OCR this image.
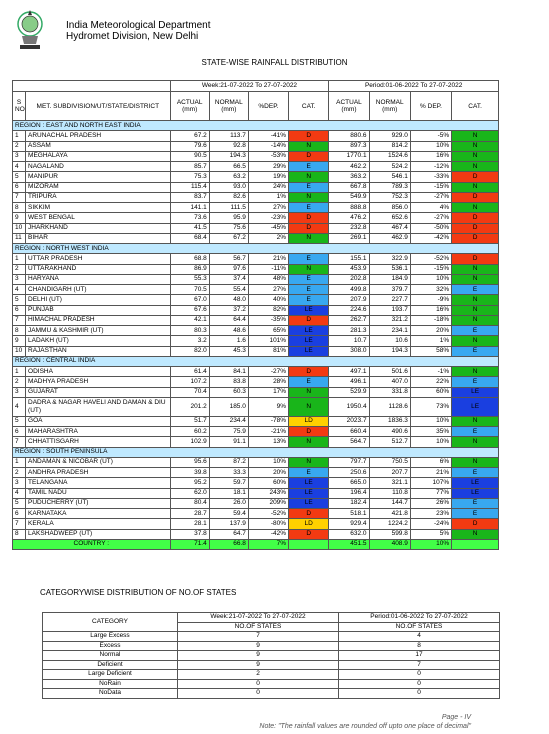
India Meteorological Department
Hydromet Division, New Delhi
STATE-WISE RAINFALL DISTRIBUTION
		Week:21-07-2022 To 27-07-2022				Period:01-06-2022 To 27-07-2022			
S NO	MET. SUBDIVISION/UT/STATE/DISTRICT	ACTUAL (mm)	NORMAL (mm)	%DEP.	CAT.	ACTUAL (mm)	NORMAL (mm)	% DEP.	CAT.
REGION : EAST AND NORTH EAST INDIA									
1	ARUNACHAL PRADESH	67.2	113.7	-41%	D	880.6	929.0	-5%	N
2	ASSAM	79.6	92.8	-14%	N	897.3	814.2	10%	N
3	MEGHALAYA	90.5	194.3	-53%	D	1770.1	1524.6	16%	N
4	NAGALAND	85.7	66.5	29%	E	462.2	524.2	-12%	N
5	MANIPUR	75.3	63.2	19%	N	363.2	546.1	-33%	D
6	MIZORAM	115.4	93.0	24%	E	667.8	789.3	-15%	N
7	TRIPURA	83.7	82.6	1%	N	549.9	752.3	-27%	D
8	SIKKIM	141.1	111.5	27%	E	888.8	856.0	4%	N
9	WEST BENGAL	73.6	95.9	-23%	D	476.2	652.6	-27%	D
10	JHARKHAND	41.5	75.6	-45%	D	232.8	467.4	-50%	D
11	BIHAR	68.4	67.2	2%	N	269.1	462.9	-42%	D
REGION : NORTH WEST INDIA									
1	UTTAR PRADESH	68.8	56.7	21%	E	155.1	322.9	-52%	D
2	UTTARAKHAND	86.9	97.6	-11%	N	453.9	536.1	-15%	N
3	HARYANA	55.3	37.4	48%	E	202.8	184.9	10%	N
4	CHANDIGARH (UT)	70.5	55.4	27%	E	499.8	379.7	32%	E
5	DELHI (UT)	67.0	48.0	40%	E	207.9	227.7	-9%	N
6	PUNJAB	67.6	37.2	82%	LE	224.6	193.7	16%	N
7	HIMACHAL PRADESH	42.1	64.4	-35%	D	262.7	321.2	-18%	N
8	JAMMU & KASHMIR (UT)	80.3	48.6	65%	LE	281.3	234.1	20%	E
9	LADAKH (UT)	3.2	1.6	101%	LE	10.7	10.6	1%	N
10	RAJASTHAN	82.0	45.3	81%	LE	308.0	194.3	58%	E
REGION : CENTRAL INDIA									
1	ODISHA	61.4	84.1	-27%	D	497.1	501.6	-1%	N
2	MADHYA PRADESH	107.2	83.8	28%	E	496.1	407.0	22%	E
3	GUJARAT	70.4	60.3	17%	N	529.9	331.8	60%	LE
4	DADRA & NAGAR HAVELI AND DAMAN & DIU (UT)	201.2	185.0	9%	N	1950.4	1128.6	73%	LE
5	GOA	51.7	234.4	-78%	LD	2023.7	1836.3	10%	N
6	MAHARASHTRA	60.2	75.9	-21%	D	660.4	490.6	35%	E
7	CHHATTISGARH	102.9	91.1	13%	N	564.7	512.7	10%	N
REGION : SOUTH PENINSULA									
1	ANDAMAN & NICOBAR (UT)	95.6	87.2	10%	N	797.7	750.5	6%	N
2	ANDHRA PRADESH	39.8	33.3	20%	E	250.6	207.7	21%	E
3	TELANGANA	95.2	59.7	60%	LE	665.0	321.1	107%	LE
4	TAMIL NADU	62.0	18.1	243%	LE	196.4	110.8	77%	LE
5	PUDUCHERRY (UT)	80.4	26.0	209%	LE	182.4	144.7	26%	E
6	KARNATAKA	28.7	59.4	-52%	D	518.1	421.8	23%	E
7	KERALA	28.1	137.9	-80%	LD	929.4	1224.2	-24%	D
8	LAKSHADWEEP (UT)	37.8	64.7	-42%	D	632.0	599.8	5%	N
COUNTRY :		71.4	66.8	7%		451.5	408.9	10%	
CATEGORYWISE DISTRIBUTION OF NO.OF STATES
CATEGORY	Week:21-07-2022 To 27-07-2022	Period:01-06-2022 To 27-07-2022
	NO.OF STATES	NO.OF STATES
Large Excess	7	4
Excess	9	8
Normal	9	17
Deficient	9	7
Large Deficient	2	0
NoRain	0	0
NoData	0	0
Page - IV
Note: "The rainfall values are rounded off upto one place of decimal"
